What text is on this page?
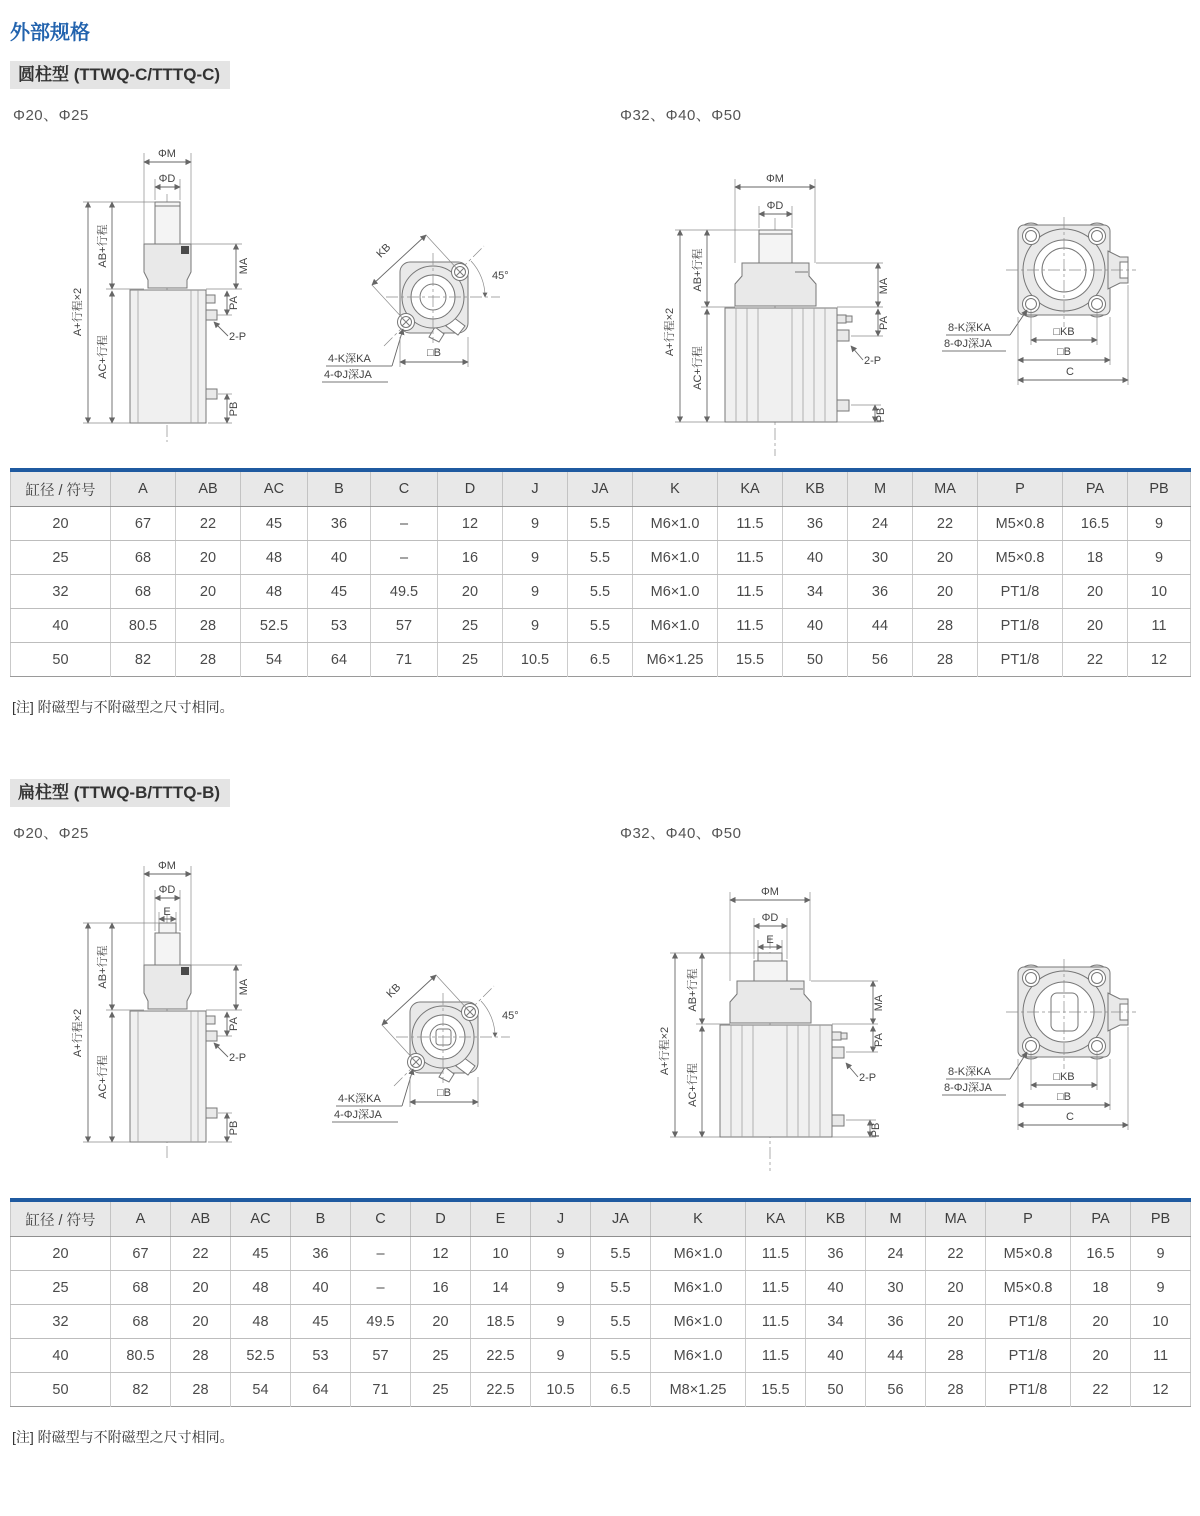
外部规格
圆柱型 (TTWQ-C/TTTQ-C)
Φ20、Φ25	Φ32、Φ40、Φ50
ΦM
ΦD
A+行程×2
AB+行程
AC+行程
MA
PA
2-P
PB
KB
45°
4-K深KA
4-ΦJ深JA
□B
ΦM
ΦD
A+行程×2
AB+行程
AC+行程
MA
PA
2-P
PB
8-K深KA
8-ΦJ深JA
□KB
□B
C
缸径 / 符号	A	AB	AC	B	C	D	J	JA	K	KA	KB	M	MA	P	PA	PB
20	67	22	45	36	–	12	9	5.5	M6×1.0	11.5	36	24	22	M5×0.8	16.5	9
25	68	20	48	40	–	16	9	5.5	M6×1.0	11.5	40	30	20	M5×0.8	18	9
32	68	20	48	45	49.5	20	9	5.5	M6×1.0	11.5	34	36	20	PT1/8	20	10
40	80.5	28	52.5	53	57	25	9	5.5	M6×1.0	11.5	40	44	28	PT1/8	20	11
50	82	28	54	64	71	25	10.5	6.5	M6×1.25	15.5	50	56	28	PT1/8	22	12
[注] 附磁型与不附磁型之尺寸相同。
扁柱型 (TTWQ-B/TTTQ-B)
Φ20、Φ25	Φ32、Φ40、Φ50
ΦM
ΦD
E
A+行程×2
AB+行程
AC+行程
MA
PA
2-P
PB
KB
45°
4-K深KA
4-ΦJ深JA
□B
ΦM
ΦD
E
A+行程×2
AB+行程
AC+行程
MA
PA
2-P
PB
8-K深KA
8-ΦJ深JA
□KB
□B
C
缸径 / 符号	A	AB	AC	B	C	D	E	J	JA	K	KA	KB	M	MA	P	PA	PB
20	67	22	45	36	–	12	10	9	5.5	M6×1.0	11.5	36	24	22	M5×0.8	16.5	9
25	68	20	48	40	–	16	14	9	5.5	M6×1.0	11.5	40	30	20	M5×0.8	18	9
32	68	20	48	45	49.5	20	18.5	9	5.5	M6×1.0	11.5	34	36	20	PT1/8	20	10
40	80.5	28	52.5	53	57	25	22.5	9	5.5	M6×1.0	11.5	40	44	28	PT1/8	20	11
50	82	28	54	64	71	25	22.5	10.5	6.5	M8×1.25	15.5	50	56	28	PT1/8	22	12
[注] 附磁型与不附磁型之尺寸相同。
